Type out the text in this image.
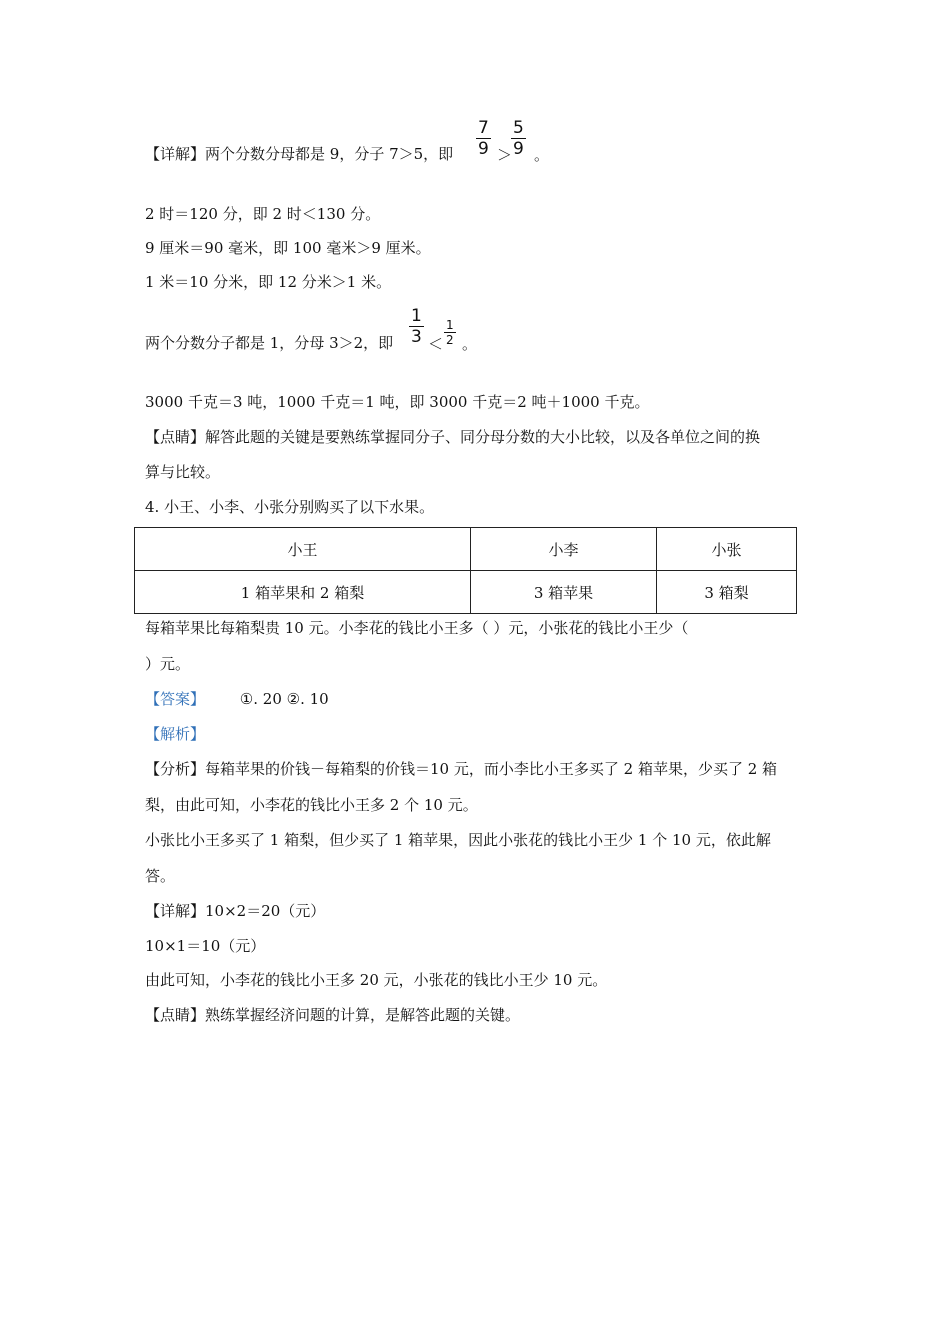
【详解】两个分数分母都是 9，分子 7＞5，即 $\frac{7}{9}$ ＞
$\frac{5}{9}$ 。
2 时＝120 分，即 2 时＜130 分。
9 厘米＝90 毫米，即 100 毫米＞9 厘米。
1 米＝10 分米，即 12 分米＞1 米。
两个分数分子都是 1，分母 3＞2，即 $\frac{1}{3} < \frac{1}{2}$ 。
3000 千克＝3 吨，1000 千克＝1 吨，即 3000 千克＝2 吨＋1000 千克。
【点睛】解答此题的关键是要熟练掌握同分子、同分母分数的大小比较，以及各单位之间的换
算与比较。
4. 小王、小李、小张分别购买了以下水果。
小王	小李	小张
1 箱苹果和 2 箱梨	3 箱苹果	3 箱梨
每箱苹果比每箱梨贵 10 元。小李花的钱比小王多（ ）元，小张花的钱比小王少（
）元。
【答案】 ①. 20 ②. 10
【解析】
【分析】每箱苹果的价钱－每箱梨的价钱＝10 元，而小李比小王多买了 2 箱苹果，少买了 2 箱
梨，由此可知，小李花的钱比小王多 2 个 10 元。
小张比小王多买了 1 箱梨，但少买了 1 箱苹果，因此小张花的钱比小王少 1 个 10 元，依此解
答。
【详解】10×2＝20（元）
10×1＝10（元）
由此可知，小李花的钱比小王多 20 元，小张花的钱比小王少 10 元。
【点睛】熟练掌握经济问题的计算，是解答此题的关键。
